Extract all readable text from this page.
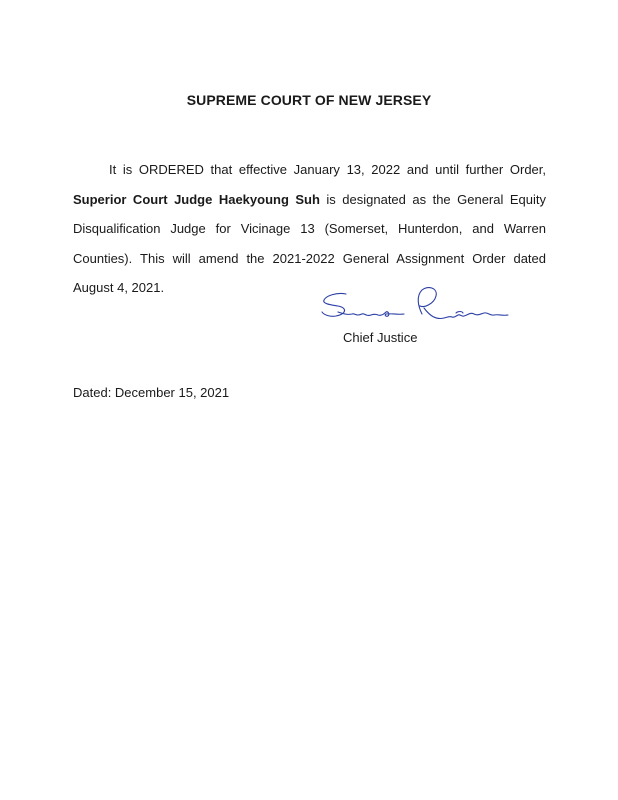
SUPREME COURT OF NEW JERSEY
It is ORDERED that effective January 13, 2022 and until further Order, Superior Court Judge Haekyoung Suh is designated as the General Equity Disqualification Judge for Vicinage 13 (Somerset, Hunterdon, and Warren Counties). This will amend the 2021-2022 General Assignment Order dated August 4, 2021.
Chief Justice
Dated: December 15, 2021
